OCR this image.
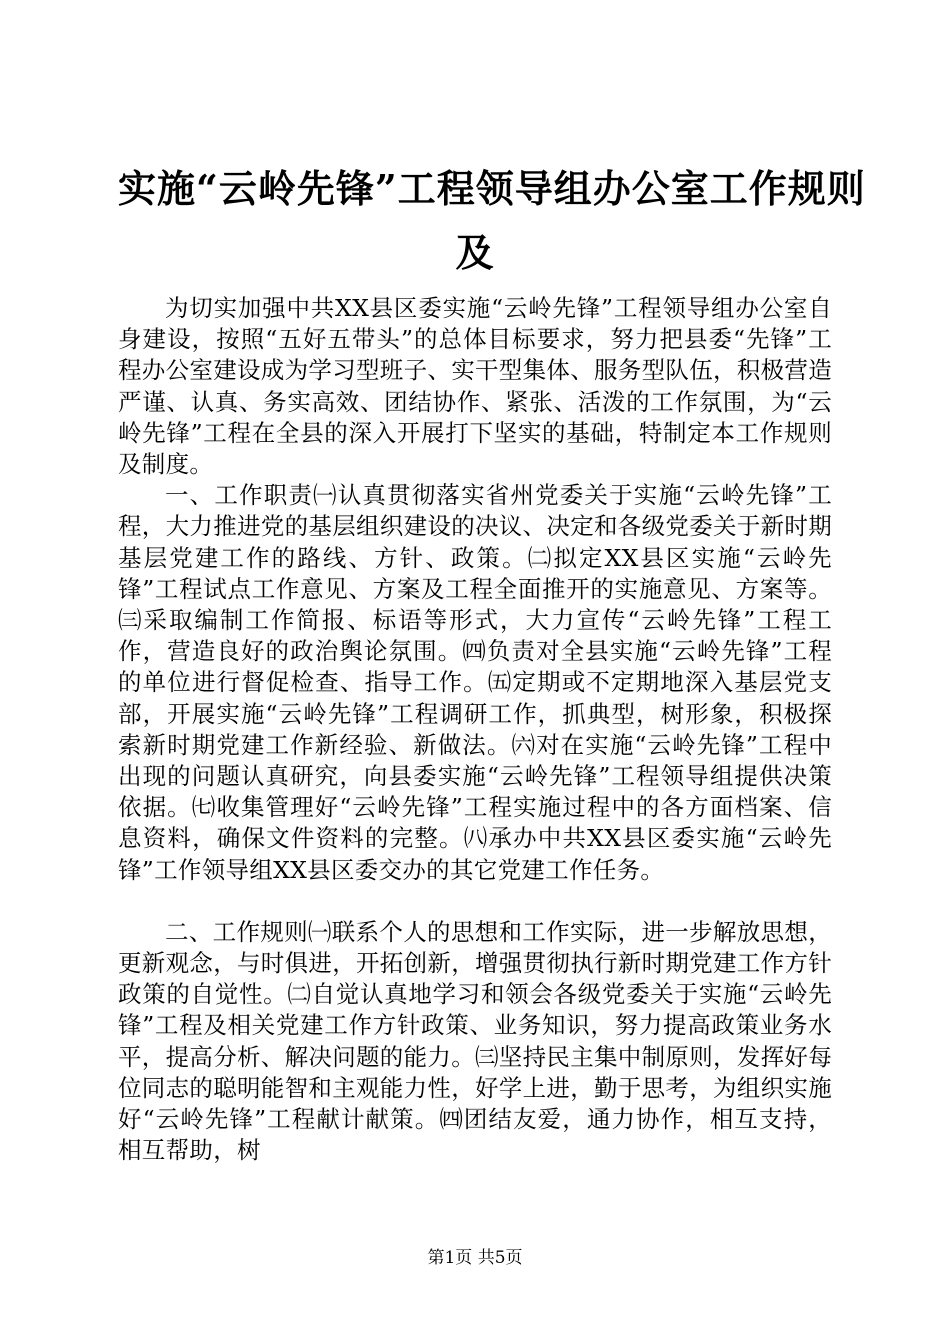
实施“云岭先锋”工程领导组办公室工作规则
及

为切实加强中共XX县区委实施“云岭先锋”工程领导组办公室自身建设，按照“五好五带头”的总体目标要求，努力把县委“先锋”工程办公室建设成为学习型班子、实干型集体、服务型队伍，积极营造严谨、认真、务实高效、团结协作、紧张、活泼的工作氛围，为“云岭先锋”工程在全县的深入开展打下坚实的基础，特制定本工作规则及制度。

一、工作职责㈠认真贯彻落实省州党委关于实施“云岭先锋”工程，大力推进党的基层组织建设的决议、决定和各级党委关于新时期基层党建工作的路线、方针、政策。㈡拟定XX县区实施“云岭先锋”工程试点工作意见、方案及工程全面推开的实施意见、方案等。㈢采取编制工作简报、标语等形式，大力宣传“云岭先锋”工程工作，营造良好的政治舆论氛围。㈣负责对全县实施“云岭先锋”工程的单位进行督促检查、指导工作。㈤定期或不定期地深入基层党支部，开展实施“云岭先锋”工程调研工作，抓典型，树形象，积极探索新时期党建工作新经验、新做法。㈥对在实施“云岭先锋”工程中出现的问题认真研究，向县委实施“云岭先锋”工程领导组提供决策依据。㈦收集管理好“云岭先锋”工程实施过程中的各方面档案、信息资料，确保文件资料的完整。㈧承办中共XX县区委实施“云岭先锋”工作领导组XX县区委交办的其它党建工作任务。

二、工作规则㈠联系个人的思想和工作实际，进一步解放思想，更新观念，与时俱进，开拓创新，增强贯彻执行新时期党建工作方针政策的自觉性。㈡自觉认真地学习和领会各级党委关于实施“云岭先锋”工程及相关党建工作方针政策、业务知识，努力提高政策业务水平，提高分析、解决问题的能力。㈢坚持民主集中制原则，发挥好每位同志的聪明能智和主观能力性，好学上进，勤于思考，为组织实施好“云岭先锋”工程献计献策。㈣团结友爱，通力协作，相互支持，相互帮助，树

第1页 共5页
